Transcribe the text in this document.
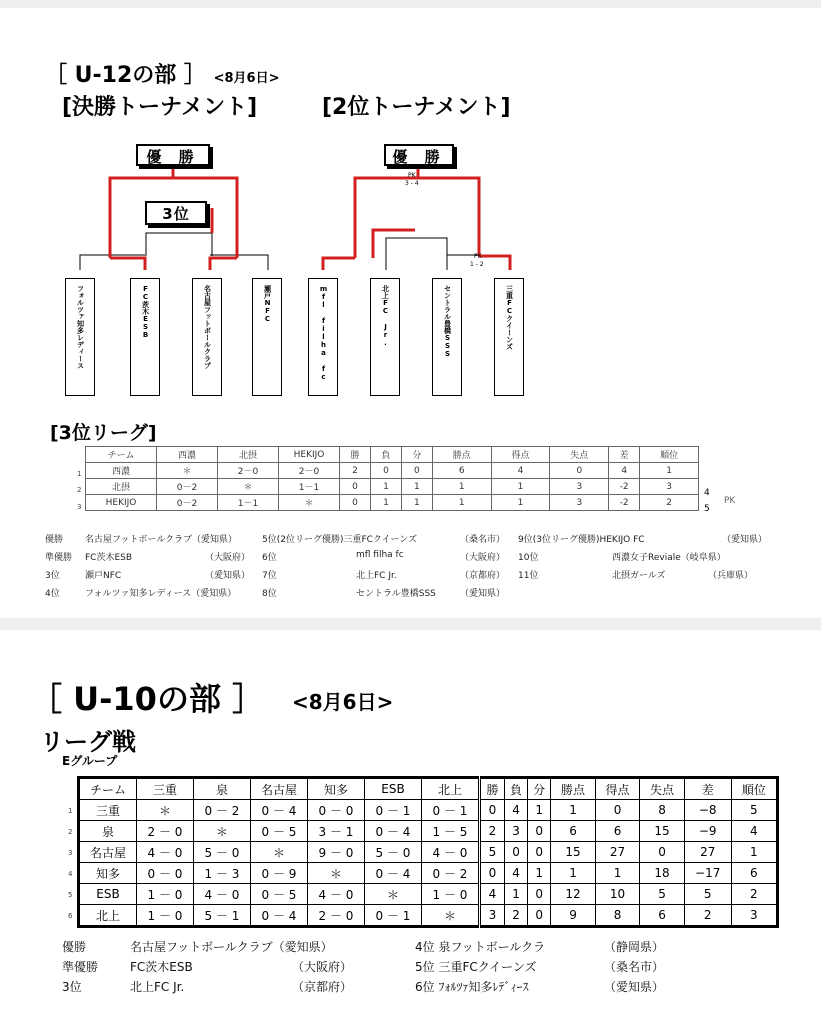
［ U-12の部 ］ <8月6日>
[決勝トーナメント]	[2位トーナメント]
優 勝
3位
優 勝
PK
3 - 4
PK
1 - 2
フォルツァ知多レディース	FC茨木ESB	名古屋フットボールクラブ	瀬戸NFC	mfl filha fc	北上FC Jr.	セントラル豊橋SSS	三重FCクイーンズ
[3位リーグ]
チーム	西濃	北摂	HEKIJO	勝	負	分	勝点	得点	失点	差	順位
西濃	＊	2－0	2－0	2	0	0	6	4	0	4	1
北摂	0－2	＊	1－1	0	1	1	1	1	3	-2	3
HEKIJO	0－2	1－1	＊	0	1	1	1	1	3	-2	2
1
2
3
4
5
PK
優勝 名古屋フットボールクラブ（愛知県）	5位(2位リーグ優勝)三重FCクイーンズ	（桑名市） 9位(3位リーグ優勝)HEKIJO FC	（愛知県）
準優勝 FC茨木ESB	（大阪府） 6位	mfl filha fc	（大阪府） 10位	西濃女子Reviale（岐阜県）
3位	瀬戸NFC	（愛知県） 7位	北上FC Jr.	（京都府） 11位	北摂ガールズ	（兵庫県）
4位	フォルツァ知多レディース（愛知県）	8位	セントラル豊橋SSS	（愛知県）
［ U-10の部 ］ <8月6日>
リーグ戦
Eグループ
チーム	三重	泉	名古屋	知多	ESB	北上	勝	負	分	勝点	得点	失点	差	順位
三重	＊	0 － 2	0 － 4	0 － 0	0 － 1	0 － 1	0	4	1	1	0	8	−8	5
泉	2 － 0	＊	0 － 5	3 － 1	0 － 4	1 － 5	2	3	0	6	6	15	−9	4
名古屋	4 － 0	5 － 0	＊	9 － 0	5 － 0	4 － 0	5	0	0	15	27	0	27	1
知多	0 － 0	1 － 3	0 － 9	＊	0 － 4	0 － 2	0	4	1	1	1	18	−17	6
ESB	1 － 0	4 － 0	0 － 5	4 － 0	＊	1 － 0	4	1	0	12	10	5	5	2
北上	1 － 0	5 － 1	0 － 4	2 － 0	0 － 1	＊	3	2	0	9	8	6	2	3
1
2
3
4
5
6
優勝	名古屋フットボールクラブ（愛知県）	4位 泉フットボールクラ	（静岡県）
準優勝	FC茨木ESB	（大阪府）	5位 三重FCクイーンズ	（桑名市）
3位	北上FC Jr.	（京都府）	6位 ﾌｫﾙﾂｧ知多ﾚﾃﾞｨｰｽ	（愛知県）
